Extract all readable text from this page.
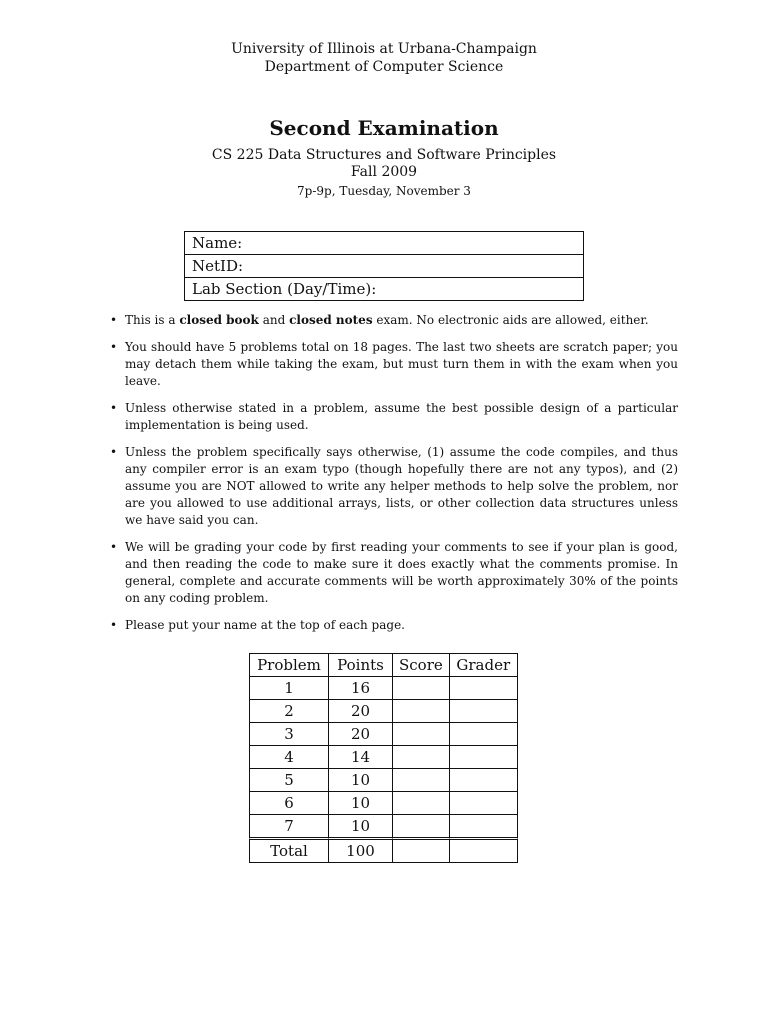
University of Illinois at Urbana-Champaign
Department of Computer Science
Second Examination
CS 225 Data Structures and Software Principles
Fall 2009
7p-9p, Tuesday, November 3
Name:
NetID:
Lab Section (Day/Time):
• This is a closed book and closed notes exam. No electronic aids are allowed, either.
• You should have 5 problems total on 18 pages. The last two sheets are scratch paper; you may detach them while taking the exam, but must turn them in with the exam when you leave.
• Unless otherwise stated in a problem, assume the best possible design of a particular implementation is being used.
• Unless the problem specifically says otherwise, (1) assume the code compiles, and thus any compiler error is an exam typo (though hopefully there are not any typos), and (2) assume you are NOT allowed to write any helper methods to help solve the problem, nor are you allowed to use additional arrays, lists, or other collection data structures unless we have said you can.
• We will be grading your code by first reading your comments to see if your plan is good, and then reading the code to make sure it does exactly what the comments promise. In general, complete and accurate comments will be worth approximately 30% of the points on any coding problem.
• Please put your name at the top of each page.
Problem	Points	Score	Grader
1	16		
2	20		
3	20		
4	14		
5	10		
6	10		
7	10		
Total	100		
